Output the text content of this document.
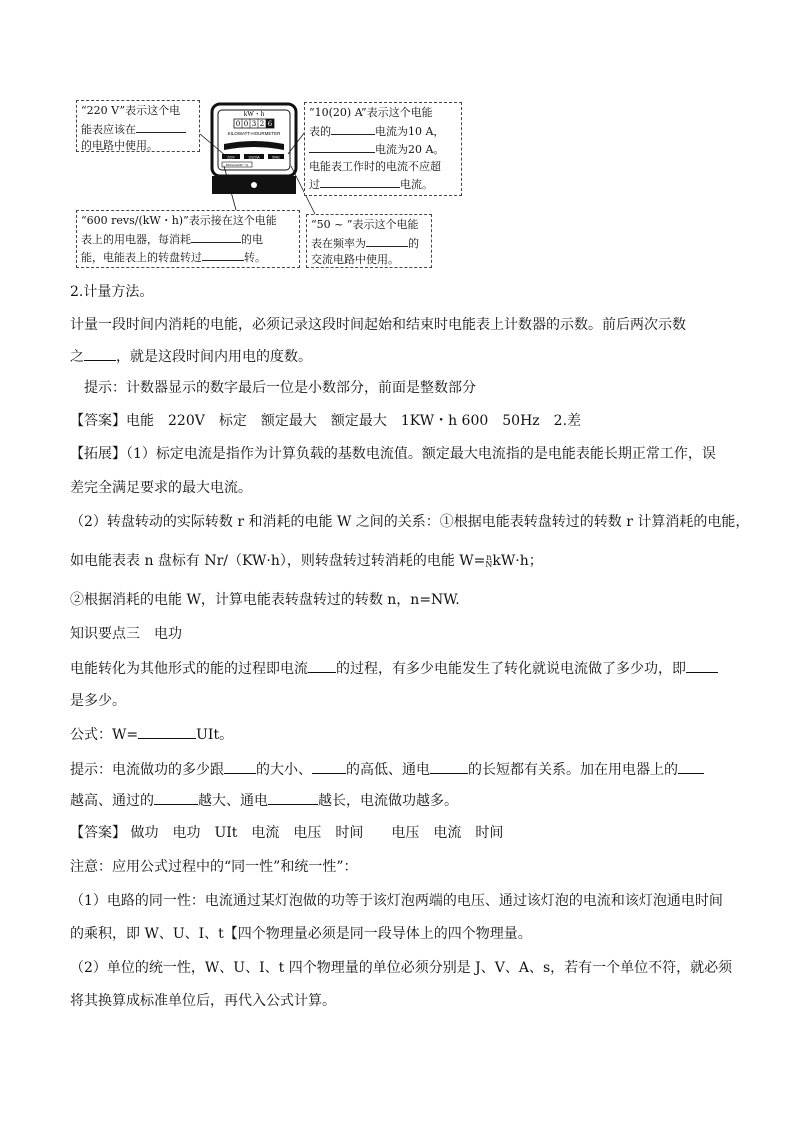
“220 V”表示这个电
能表应该在
的电路中使用。
kW・h
0 0 3 2 6
KILOWATT-HOURMETER
220V	10(20)A	50Hz
600revs/(kW・h)
“10(20) A”表示这个电能
表的	电流为10 A，
电流为20 A。
电能表工作时的电流不应超
过	电流。
“600 revs/(kW・h)”表示接在这个电能
表上的用电器，每消耗	的电
能，电能表上的转盘转过	转。
“50 ~ ”表示这个电能
表在频率为	的
交流电路中使用。
2.计量方法。
计量一段时间内消耗的电能，必须记录这段时间起始和结束时电能表上计数器的示数。前后两次示数
之 ，就是这段时间内用电的度数。
提示：计数器显示的数字最后一位是小数部分，前面是整数部分
【答案】电能　220V　标定　额定最大　额定最大　1KW・h 600　50Hz　2.差
【拓展】（1）标定电流是指作为计算负载的基数电流值。额定最大电流指的是电能表能长期正常工作，误
差完全满足要求的最大电流。
（2）转盘转动的实际转数 r 和消耗的电能 W 之间的关系：①根据电能表转盘转过的转数 r 计算消耗的电能，
如电能表表 n 盘标有 Nr/（KW·h），则转盘转过转消耗的电能 W= n
N kW·h；
②根据消耗的电能 W，计算电能表转盘转过的转数 n，n=NW.
知识要点三　电功
电能转化为其他形式的能的过程即电流 的过程，有多少电能发生了转化就说电流做了多少功，即
是多少。
公式：W=	UIt。
提示：电流做功的多少跟 的大小、 的高低、通电	的长短都有关系。加在用电器上的
越高、通过的	越大、通电	越长，电流做功越多。
【答案】 做功　电功　UIt　电流　电压　时间　　电压　电流　时间
注意：应用公式过程中的“同一性”和统一性”：
（1）电路的同一性：电流通过某灯泡做的功等于该灯泡两端的电压、通过该灯泡的电流和该灯泡通电时间
的乘积，即 W、U、I、t【四个物理量必须是同一段导体上的四个物理量。
（2）单位的统一性，W、U、I、t 四个物理量的单位必须分别是 J、V、A、s，若有一个单位不符，就必须
将其换算成标准单位后，再代入公式计算。
